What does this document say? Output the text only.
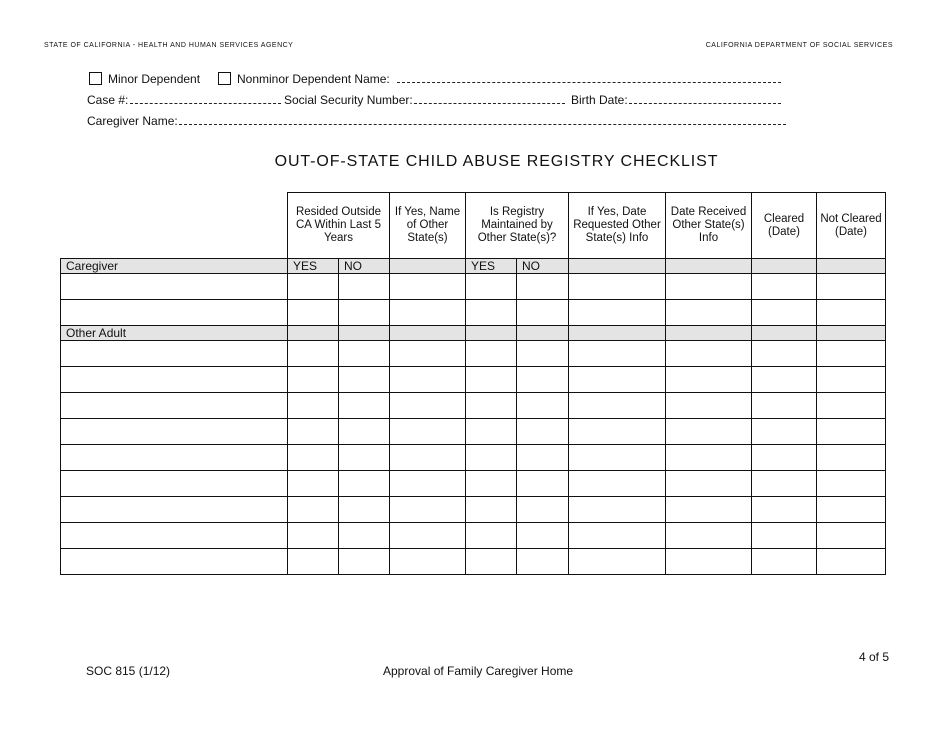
STATE OF CALIFORNIA - HEALTH AND HUMAN SERVICES AGENCY	CALIFORNIA DEPARTMENT OF SOCIAL SERVICES
Minor Dependent	Nonminor Dependent Name:
Case #:	Social Security Number:	Birth Date:
Caregiver Name:
OUT-OF-STATE CHILD ABUSE REGISTRY CHECKLIST
	Resided Outside CA Within Last 5 Years		If Yes, Name of Other State(s)	Is Registry Maintained by Other State(s)?		If Yes, Date Requested Other State(s) Info	Date Received Other State(s) Info	Cleared (Date)	Not Cleared (Date)
Caregiver	YES	NO		YES	NO				

Other Adult									

4 of 5
SOC 815 (1/12)	Approval of Family Caregiver Home
